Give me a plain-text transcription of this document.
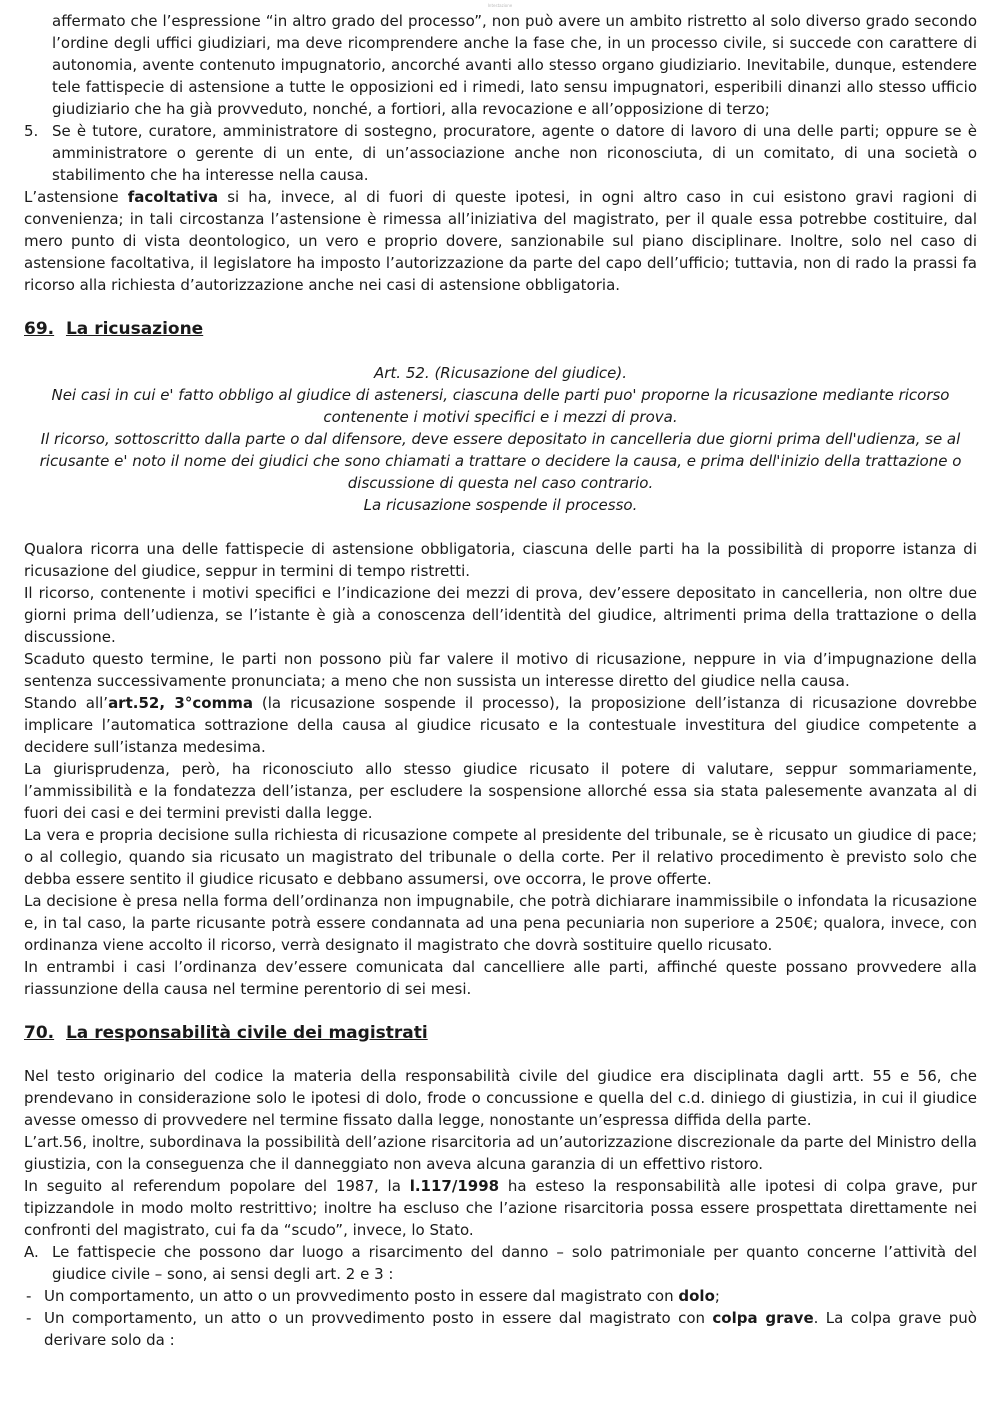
Intestazione

affermato che l’espressione “in altro grado del processo”, non può avere un ambito ristretto al solo diverso grado secondo l’ordine degli uffici giudiziari, ma deve ricomprendere anche la fase che, in un processo civile, si succede con carattere di autonomia, avente contenuto impugnatorio, ancorché avanti allo stesso organo giudiziario. Inevitabile, dunque, estendere tele fattispecie di astensione a tutte le opposizioni ed i rimedi, lato sensu impugnatori, esperibili dinanzi allo stesso ufficio giudiziario che ha già provveduto, nonché, a fortiori, alla revocazione e all’opposizione di terzo;

5. Se è tutore, curatore, amministratore di sostegno, procuratore, agente o datore di lavoro di una delle parti; oppure se è amministratore o gerente di un ente, di un’associazione anche non riconosciuta, di un comitato, di una società o stabilimento che ha interesse nella causa.

L’astensione facoltativa si ha, invece, al di fuori di queste ipotesi, in ogni altro caso in cui esistono gravi ragioni di convenienza; in tali circostanza l’astensione è rimessa all’iniziativa del magistrato, per il quale essa potrebbe costituire, dal mero punto di vista deontologico, un vero e proprio dovere, sanzionabile sul piano disciplinare. Inoltre, solo nel caso di astensione facoltativa, il legislatore ha imposto l’autorizzazione da parte del capo dell’ufficio; tuttavia, non di rado la prassi fa ricorso alla richiesta d’autorizzazione anche nei casi di astensione obbligatoria.

69. La ricusazione

Art. 52. (Ricusazione del giudice).

Nei casi in cui e' fatto obbligo al giudice di astenersi, ciascuna delle parti puo' proporne la ricusazione mediante ricorso contenente i motivi specifici e i mezzi di prova.

Il ricorso, sottoscritto dalla parte o dal difensore, deve essere depositato in cancelleria due giorni prima dell'udienza, se al ricusante e' noto il nome dei giudici che sono chiamati a trattare o decidere la causa, e prima dell'inizio della trattazione o discussione di questa nel caso contrario.

La ricusazione sospende il processo.

Qualora ricorra una delle fattispecie di astensione obbligatoria, ciascuna delle parti ha la possibilità di proporre istanza di ricusazione del giudice, seppur in termini di tempo ristretti.

Il ricorso, contenente i motivi specifici e l’indicazione dei mezzi di prova, dev’essere depositato in cancelleria, non oltre due giorni prima dell’udienza, se l’istante è già a conoscenza dell’identità del giudice, altrimenti prima della trattazione o della discussione.

Scaduto questo termine, le parti non possono più far valere il motivo di ricusazione, neppure in via d’impugnazione della sentenza successivamente pronunciata; a meno che non sussista un interesse diretto del giudice nella causa.

Stando all’art.52, 3°comma (la ricusazione sospende il processo), la proposizione dell’istanza di ricusazione dovrebbe implicare l’automatica sottrazione della causa al giudice ricusato e la contestuale investitura del giudice competente a decidere sull’istanza medesima.

La giurisprudenza, però, ha riconosciuto allo stesso giudice ricusato il potere di valutare, seppur sommariamente, l’ammissibilità e la fondatezza dell’istanza, per escludere la sospensione allorché essa sia stata palesemente avanzata al di fuori dei casi e dei termini previsti dalla legge.

La vera e propria decisione sulla richiesta di ricusazione compete al presidente del tribunale, se è ricusato un giudice di pace; o al collegio, quando sia ricusato un magistrato del tribunale o della corte. Per il relativo procedimento è previsto solo che debba essere sentito il giudice ricusato e debbano assumersi, ove occorra, le prove offerte.

La decisione è presa nella forma dell’ordinanza non impugnabile, che potrà dichiarare inammissibile o infondata la ricusazione e, in tal caso, la parte ricusante potrà essere condannata ad una pena pecuniaria non superiore a 250€; qualora, invece, con ordinanza viene accolto il ricorso, verrà designato il magistrato che dovrà sostituire quello ricusato.

In entrambi i casi l’ordinanza dev’essere comunicata dal cancelliere alle parti, affinché queste possano provvedere alla riassunzione della causa nel termine perentorio di sei mesi.

70. La responsabilità civile dei magistrati

Nel testo originario del codice la materia della responsabilità civile del giudice era disciplinata dagli artt. 55 e 56, che prendevano in considerazione solo le ipotesi di dolo, frode o concussione e quella del c.d. diniego di giustizia, in cui il giudice avesse omesso di provvedere nel termine fissato dalla legge, nonostante un’espressa diffida della parte.

L’art.56, inoltre, subordinava la possibilità dell’azione risarcitoria ad un’autorizzazione discrezionale da parte del Ministro della giustizia, con la conseguenza che il danneggiato non aveva alcuna garanzia di un effettivo ristoro.

In seguito al referendum popolare del 1987, la l.117/1998 ha esteso la responsabilità alle ipotesi di colpa grave, pur tipizzandole in modo molto restrittivo; inoltre ha escluso che l’azione risarcitoria possa essere prospettata direttamente nei confronti del magistrato, cui fa da “scudo”, invece, lo Stato.

A. Le fattispecie che possono dar luogo a risarcimento del danno – solo patrimoniale per quanto concerne l’attività del giudice civile – sono, ai sensi degli art. 2 e 3 :
- Un comportamento, un atto o un provvedimento posto in essere dal magistrato con dolo;
- Un comportamento, un atto o un provvedimento posto in essere dal magistrato con colpa grave. La colpa grave può derivare solo da :
